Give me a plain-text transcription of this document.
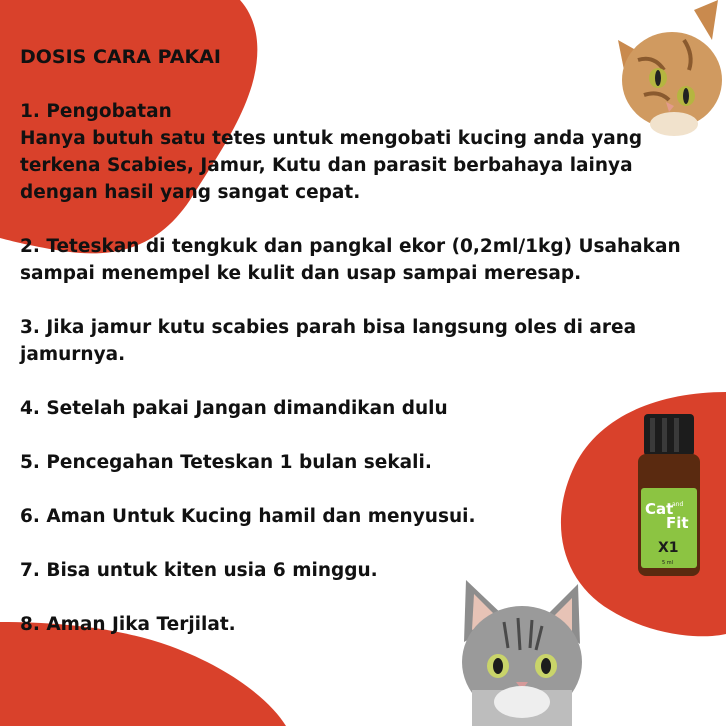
DOSIS CARA PAKAI

1. Pengobatan

Hanya butuh satu tetes untuk mengobati kucing anda yang

terkena Scabies, Jamur, Kutu dan parasit berbahaya lainya

dengan hasil yang sangat cepat.

2. Teteskan di tengkuk dan pangkal ekor (0,2ml/1kg) Usahakan

sampai menempel ke kulit dan usap sampai meresap.

3. Jika jamur kutu scabies parah bisa langsung oles di area

jamurnya.

4. Setelah pakai Jangan dimandikan dulu

5. Pencegahan Teteskan 1 bulan sekali.

6. Aman Untuk Kucing hamil dan menyusui.

7. Bisa untuk kiten usia 6 minggu.

8. Aman Jika Terjilat.

Cat
and
Fit
X1
5 ml
